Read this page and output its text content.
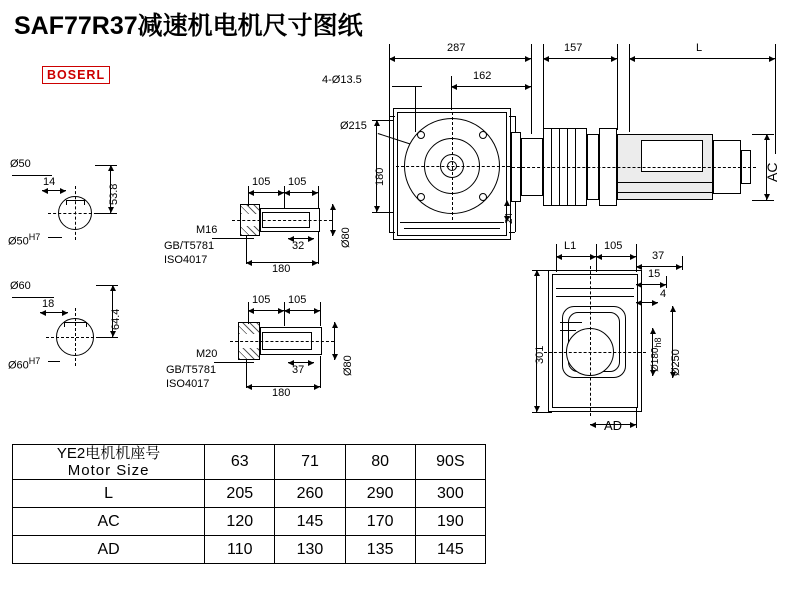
SAF77R37减速机电机尺寸图纸
BOSERL
Ø50
14
53.8
$Ø50^{H7}$
Ø60
18
64.4
$Ø60^{H7}$
105 105
32
180
Ø80
M16
GB/T5781
ISO4017
105 105
37
180
Ø80
M20
GB/T5781
ISO4017
287
162
157	L
4-Ø13.5
Ø215
180
24
AC
301	$Ø180_{h8}$
Ø250
AD
L1	105
37
15
4
YE2电机机座号
Motor Size	63	71	80	90S
L	205	260	290	300
AC	120	145	170	190
AD	110	130	135	145
